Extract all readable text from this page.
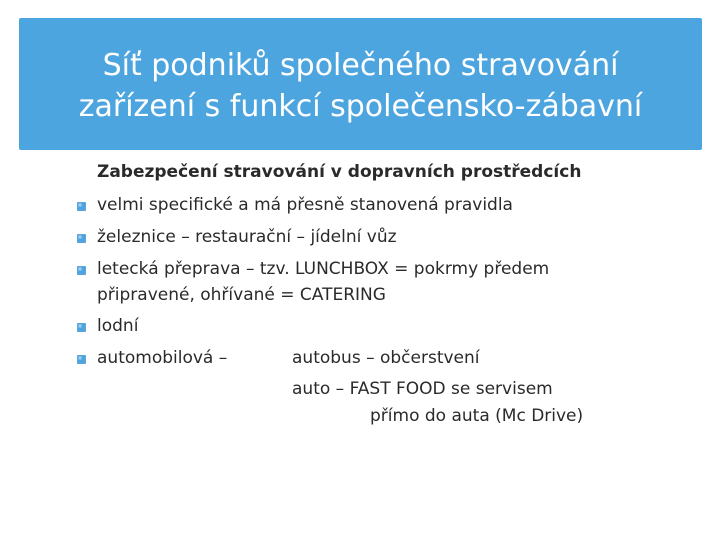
Síť podniků společného stravování
zařízení s funkcí společensko-zábavní
Zabezpečení stravování v dopravních prostředcích
velmi specifické a má přesně stanovená pravidla
železnice – restaurační – jídelní vůz
letecká přeprava – tzv. LUNCHBOX = pokrmy předem
připravené, ohřívané = CATERING
lodní
automobilová –	autobus – občerstvení
auto – FAST FOOD se servisem
přímo do auta (Mc Drive)
